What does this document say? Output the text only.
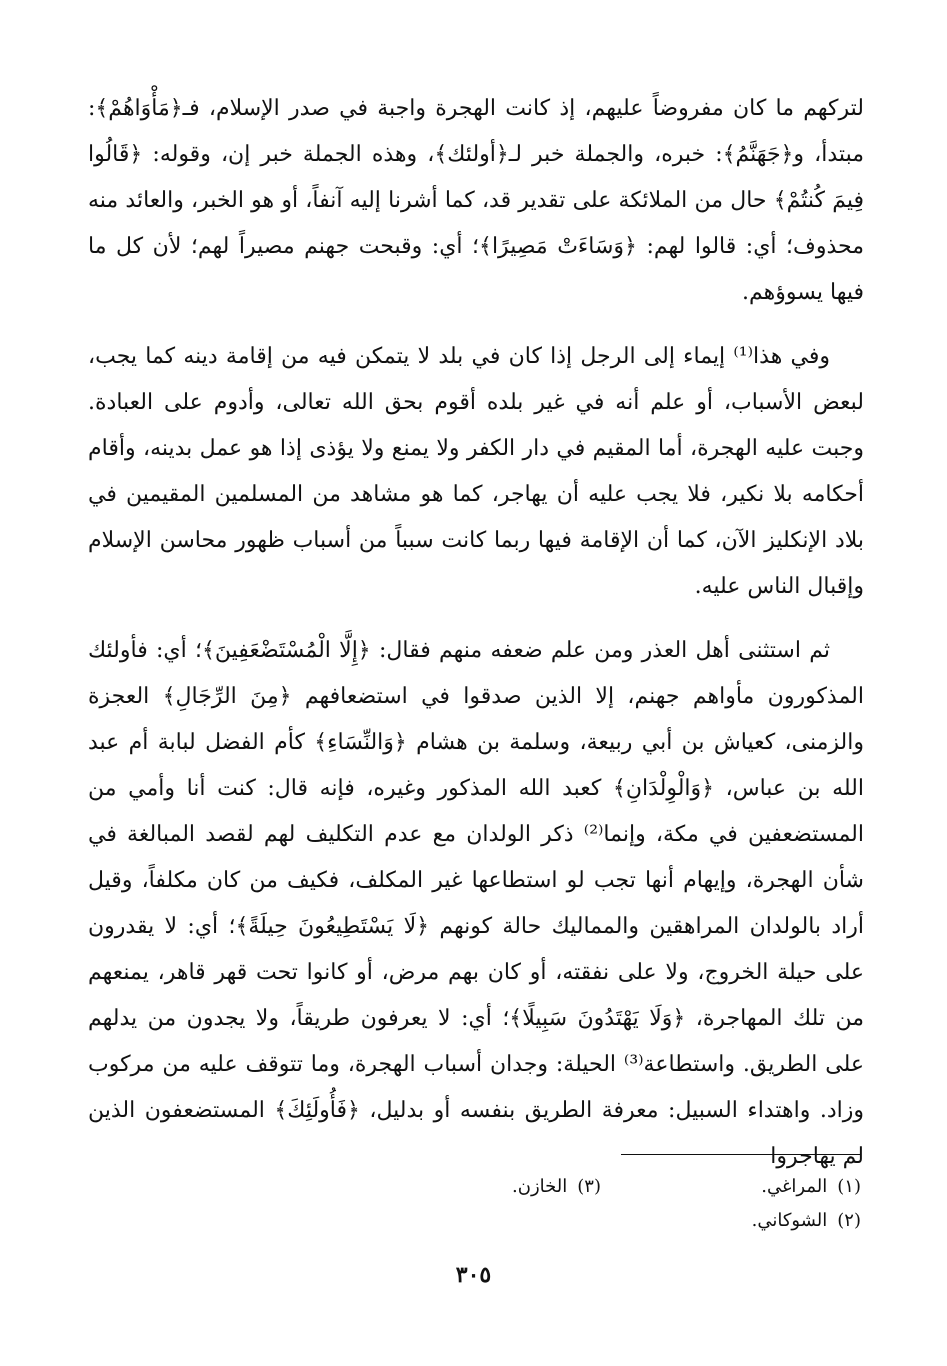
لتركهم ما كان مفروضاً عليهم، إذ كانت الهجرة واجبة في صدر الإسلام، فـ﴿مَأْوَاهُمْ﴾: مبتدأ، و﴿جَهَنَّمُ﴾: خبره، والجملة خبر لـ﴿أولئك﴾، وهذه الجملة خبر إن، وقوله: ﴿قَالُوا فِيمَ كُنتُمْ﴾ حال من الملائكة على تقدير قد، كما أشرنا إليه آنفاً، أو هو الخبر، والعائد منه محذوف؛ أي: قالوا لهم: ﴿وَسَاءَتْ مَصِيرًا﴾؛ أي: وقبحت جهنم مصيراً لهم؛ لأن كل ما فيها يسوؤهم.

وفي هذا⁽¹⁾ إيماء إلى الرجل إذا كان في بلد لا يتمكن فيه من إقامة دينه كما يجب، لبعض الأسباب، أو علم أنه في غير بلده أقوم بحق الله تعالى، وأدوم على العبادة. وجبت عليه الهجرة، أما المقيم في دار الكفر ولا يمنع ولا يؤذى إذا هو عمل بدينه، وأقام أحكامه بلا نكير، فلا يجب عليه أن يهاجر، كما هو مشاهد من المسلمين المقيمين في بلاد الإنكليز الآن، كما أن الإقامة فيها ربما كانت سبباً من أسباب ظهور محاسن الإسلام وإقبال الناس عليه.

ثم استثنى أهل العذر ومن علم ضعفه منهم فقال: ﴿إِلَّا الْمُسْتَضْعَفِينَ﴾؛ أي: فأولئك المذكورون مأواهم جهنم، إلا الذين صدقوا في استضعافهم ﴿مِنَ الرِّجَالِ﴾ العجزة والزمنى، كعياش بن أبي ربيعة، وسلمة بن هشام ﴿وَالنِّسَاءِ﴾ كأم الفضل لبابة أم عبد الله بن عباس، ﴿وَالْوِلْدَانِ﴾ كعبد الله المذكور وغيره، فإنه قال: كنت أنا وأمي من المستضعفين في مكة، وإنما⁽²⁾ ذكر الولدان مع عدم التكليف لهم لقصد المبالغة في شأن الهجرة، وإيهام أنها تجب لو استطاعها غير المكلف، فكيف من كان مكلفاً، وقيل أراد بالولدان المراهقين والمماليك حالة كونهم ﴿لَا يَسْتَطِيعُونَ حِيلَةً﴾؛ أي: لا يقدرون على حيلة الخروج، ولا على نفقته، أو كان بهم مرض، أو كانوا تحت قهر قاهر، يمنعهم من تلك المهاجرة، ﴿وَلَا يَهْتَدُونَ سَبِيلًا﴾؛ أي: لا يعرفون طريقاً، ولا يجدون من يدلهم على الطريق. واستطاعة⁽³⁾ الحيلة: وجدان أسباب الهجرة، وما تتوقف عليه من مركوب وزاد. واهتداء السبيل: معرفة الطريق بنفسه أو بدليل، ﴿فَأُولَئِكَ﴾ المستضعفون الذين لم يهاجروا

(١)المراغي.
(٣)الخازن.
(٢)الشوكاني.
٣٠٥
